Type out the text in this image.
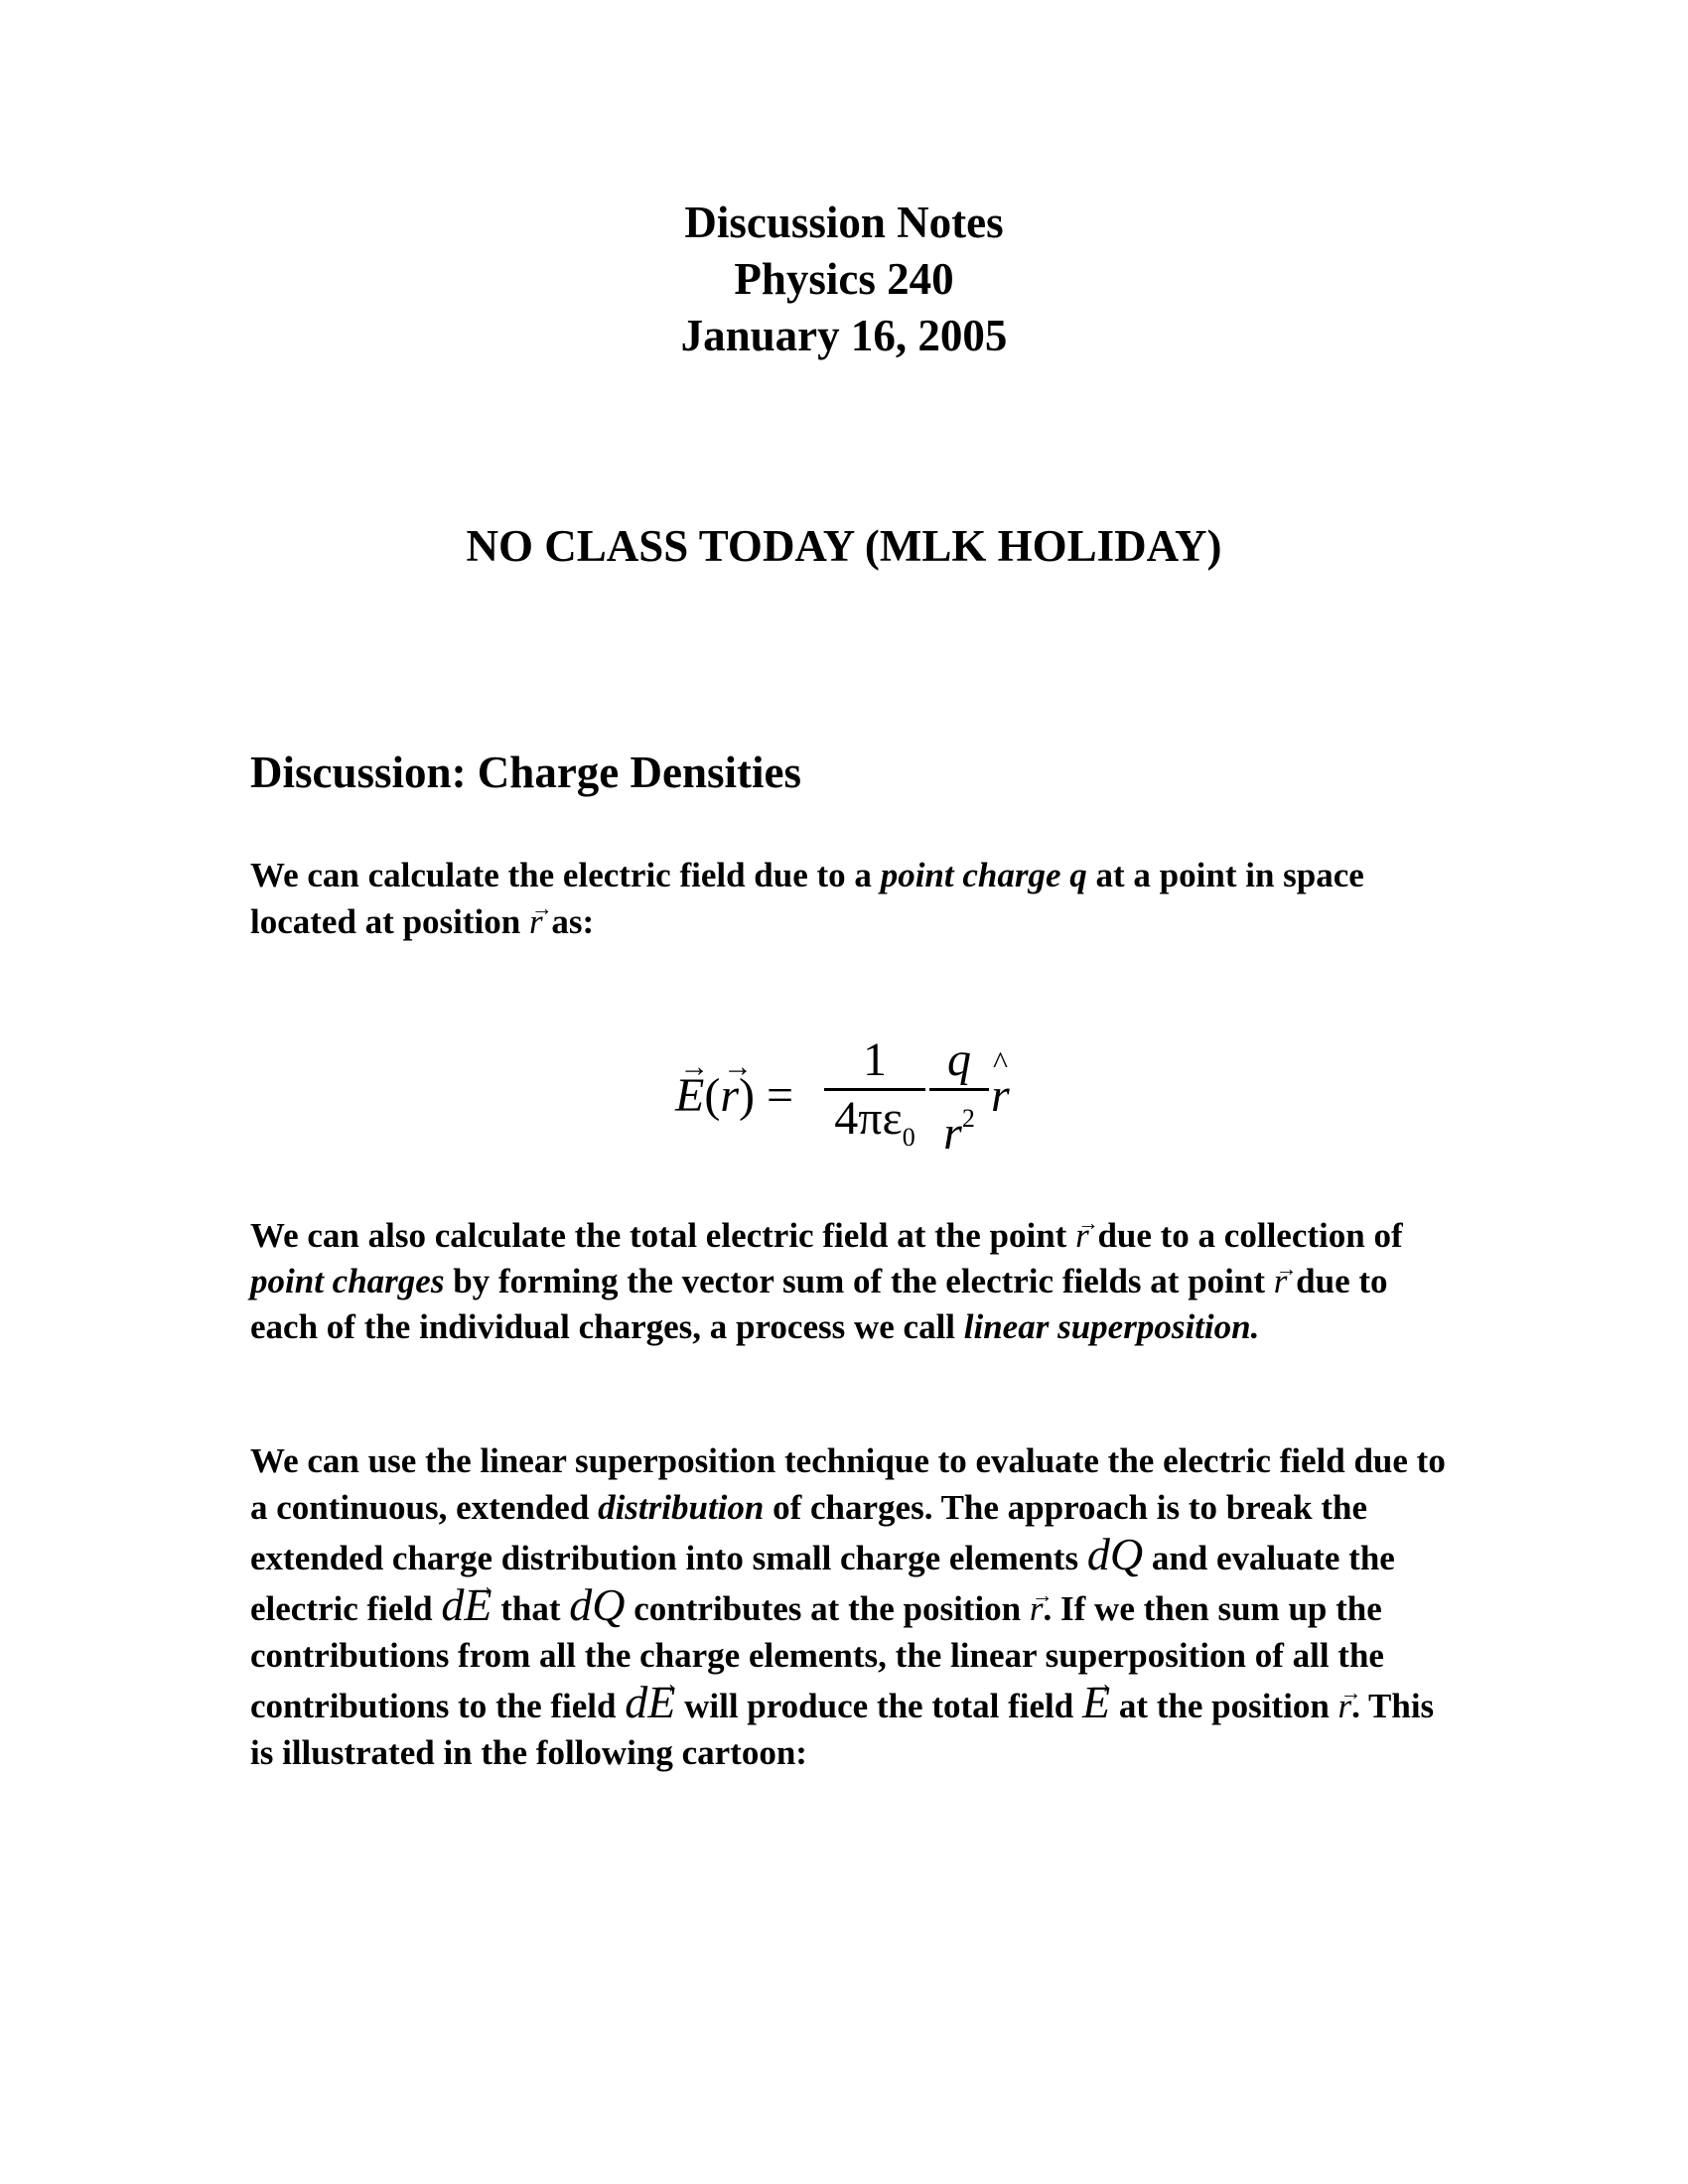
Discussion Notes
Physics 240
January 16, 2005
NO CLASS TODAY (MLK HOLIDAY)
Discussion: Charge Densities
We can calculate the electric field due to a point charge q at a point in space located at position → r as:
→ E(→ r) =
1
$4\pi\varepsilon_0$
q
$r^2$ ^ r
We can also calculate the total electric field at the point → r due to a collection of point charges by forming the vector sum of the electric fields at point → r due to each of the individual charges, a process we call linear superposition.
We can use the linear superposition technique to evaluate the electric field due to a continuous, extended distribution of charges. The approach is to break the extended charge distribution into small charge elements dQ and evaluate the electric field d→ E that dQ contributes at the position → r. If we then sum up the contributions from all the charge elements, the linear superposition of all the contributions to the field d→ E will produce the total field → E at the position → r. This is illustrated in the following cartoon:
